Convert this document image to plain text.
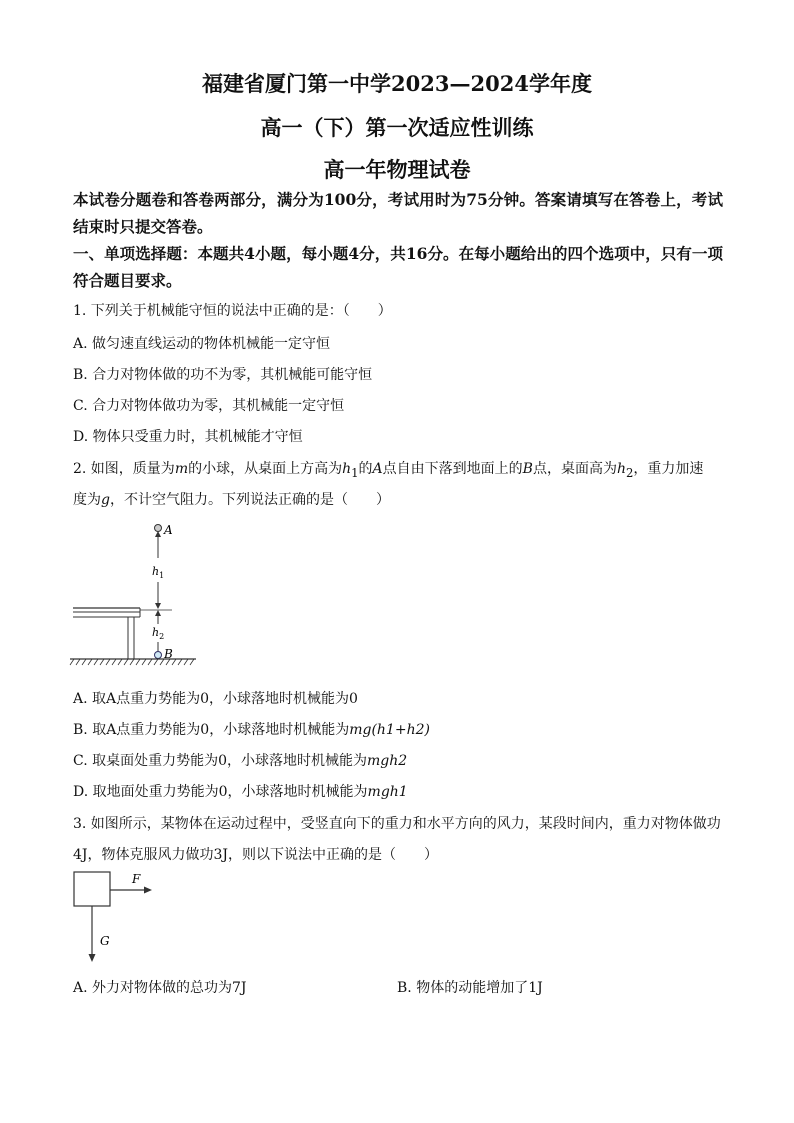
福建省厦门第一中学2023—2024学年度
高一（下）第一次适应性训练
高一年物理试卷
本试卷分题卷和答卷两部分，满分为100分，考试用时为75分钟。答案请填写在答卷上，考试结束时只提交答卷。
一、单项选择题：本题共4小题，每小题4分，共16分。在每小题给出的四个选项中，只有一项符合题目要求。
1. 下列关于机械能守恒的说法中正确的是：（　　）
A. 做匀速直线运动的物体机械能一定守恒
B. 合力对物体做的功不为零，其机械能可能守恒
C. 合力对物体做功为零，其机械能一定守恒
D. 物体只受重力时，其机械能才守恒
2. 如图，质量为m的小球，从桌面上方高为$h_1$的A点自由下落到地面上的B点，桌面高为$h_2$，重力加速
度为g，不计空气阻力。下列说法正确的是（　　）
A
$h_1$
$h_2$
B
A. 取A点重力势能为0，小球落地时机械能为0
B. 取A点重力势能为0，小球落地时机械能为mg(h1+h2)
C. 取桌面处重力势能为0，小球落地时机械能为mgh2
D. 取地面处重力势能为0，小球落地时机械能为mgh1
3. 如图所示，某物体在运动过程中，受竖直向下的重力和水平方向的风力，某段时间内，重力对物体做功
4J，物体克服风力做功3J，则以下说法中正确的是（　　）
F
G
A. 外力对物体做的总功为7J	B. 物体的动能增加了1J
